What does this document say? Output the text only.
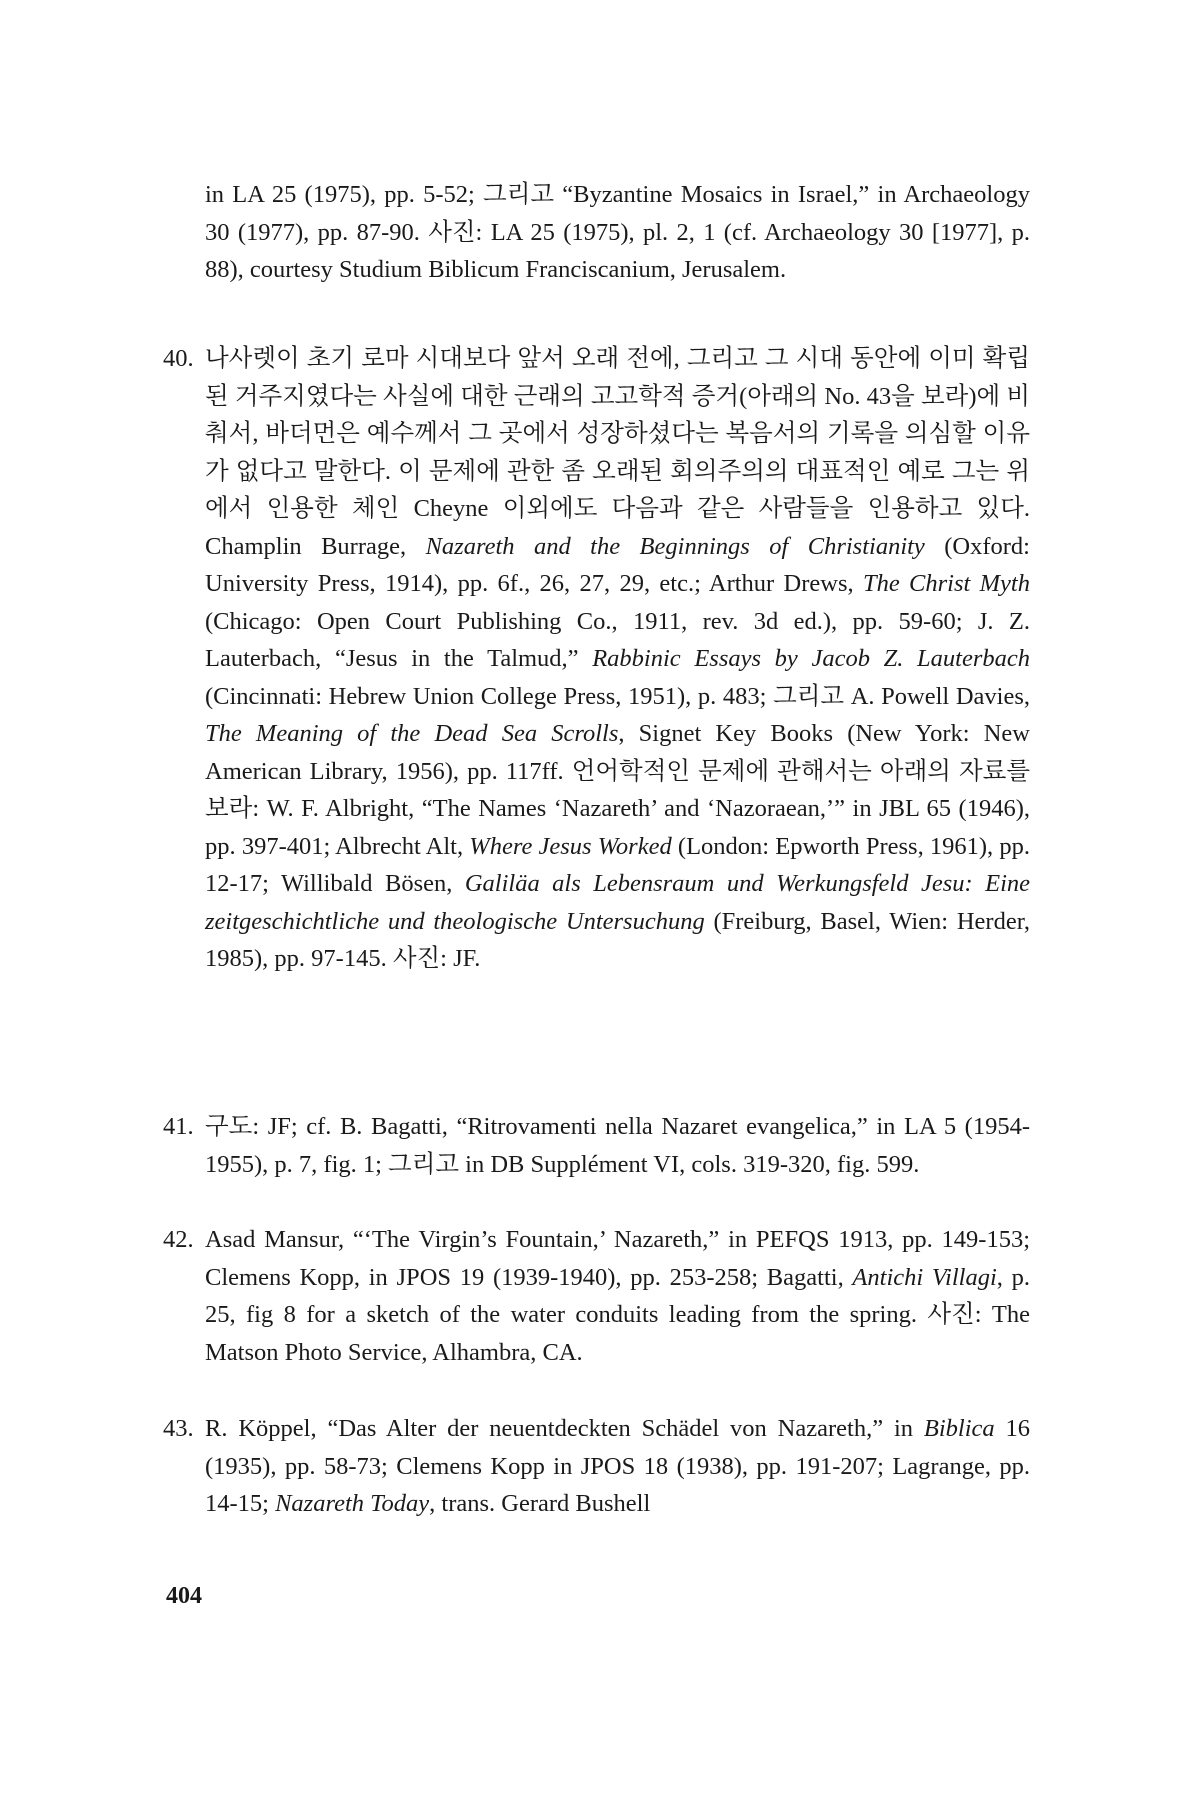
in LA 25 (1975), pp. 5-52; 그리고 “Byzantine Mosaics in Israel,” in Archaeology 30 (1977), pp. 87-90. 사진: LA 25 (1975), pl. 2, 1 (cf. Archaeology 30 [1977], p. 88), courtesy Studium Biblicum Franciscanium, Jerusalem.
40. 나사렛이 초기 로마 시대보다 앞서 오래 전에, 그리고 그 시대 동안에 이미 확립된 거주지였다는 사실에 대한 근래의 고고학적 증거(아래의 No. 43을 보라)에 비춰서, 바더먼은 예수께서 그 곳에서 성장하셨다는 복음서의 기록을 의심할 이유가 없다고 말한다. 이 문제에 관한 좀 오래된 회의주의의 대표적인 예로 그는 위에서 인용한 체인 Cheyne 이외에도 다음과 같은 사람들을 인용하고 있다. Champlin Burrage, Nazareth and the Beginnings of Christianity (Oxford: University Press, 1914), pp. 6f., 26, 27, 29, etc.; Arthur Drews, The Christ Myth (Chicago: Open Court Publishing Co., 1911, rev. 3d ed.), pp. 59-60; J. Z. Lauterbach, “Jesus in the Talmud,” Rabbinic Essays by Jacob Z. Lauterbach (Cincinnati: Hebrew Union College Press, 1951), p. 483; 그리고 A. Powell Davies, The Meaning of the Dead Sea Scrolls, Signet Key Books (New York: New American Library, 1956), pp. 117ff. 언어학적인 문제에 관해서는 아래의 자료를 보라: W. F. Albright, “The Names ‘Nazareth’ and ‘Nazoraean,’” in JBL 65 (1946), pp. 397-401; Albrecht Alt, Where Jesus Worked (London: Epworth Press, 1961), pp. 12-17; Willibald Bösen, Galiläa als Lebensraum und Werkungsfeld Jesu: Eine zeitgeschichtliche und theologische Untersuchung (Freiburg, Basel, Wien: Herder, 1985), pp. 97-145. 사진: JF.
41. 구도: JF; cf. B. Bagatti, “Ritrovamenti nella Nazaret evangelica,” in LA 5 (1954-1955), p. 7, fig. 1; 그리고 in DB Supplément VI, cols. 319-320, fig. 599.
42. Asad Mansur, “‘The Virgin’s Fountain,’ Nazareth,” in PEFQS 1913, pp. 149-153; Clemens Kopp, in JPOS 19 (1939-1940), pp. 253-258; Bagatti, Antichi Villagi, p. 25, fig 8 for a sketch of the water conduits leading from the spring. 사진: The Matson Photo Service, Alhambra, CA.
43. R. Köppel, “Das Alter der neuentdeckten Schädel von Nazareth,” in Biblica 16 (1935), pp. 58-73; Clemens Kopp in JPOS 18 (1938), pp. 191-207; Lagrange, pp. 14-15; Nazareth Today, trans. Gerard Bushell
404
